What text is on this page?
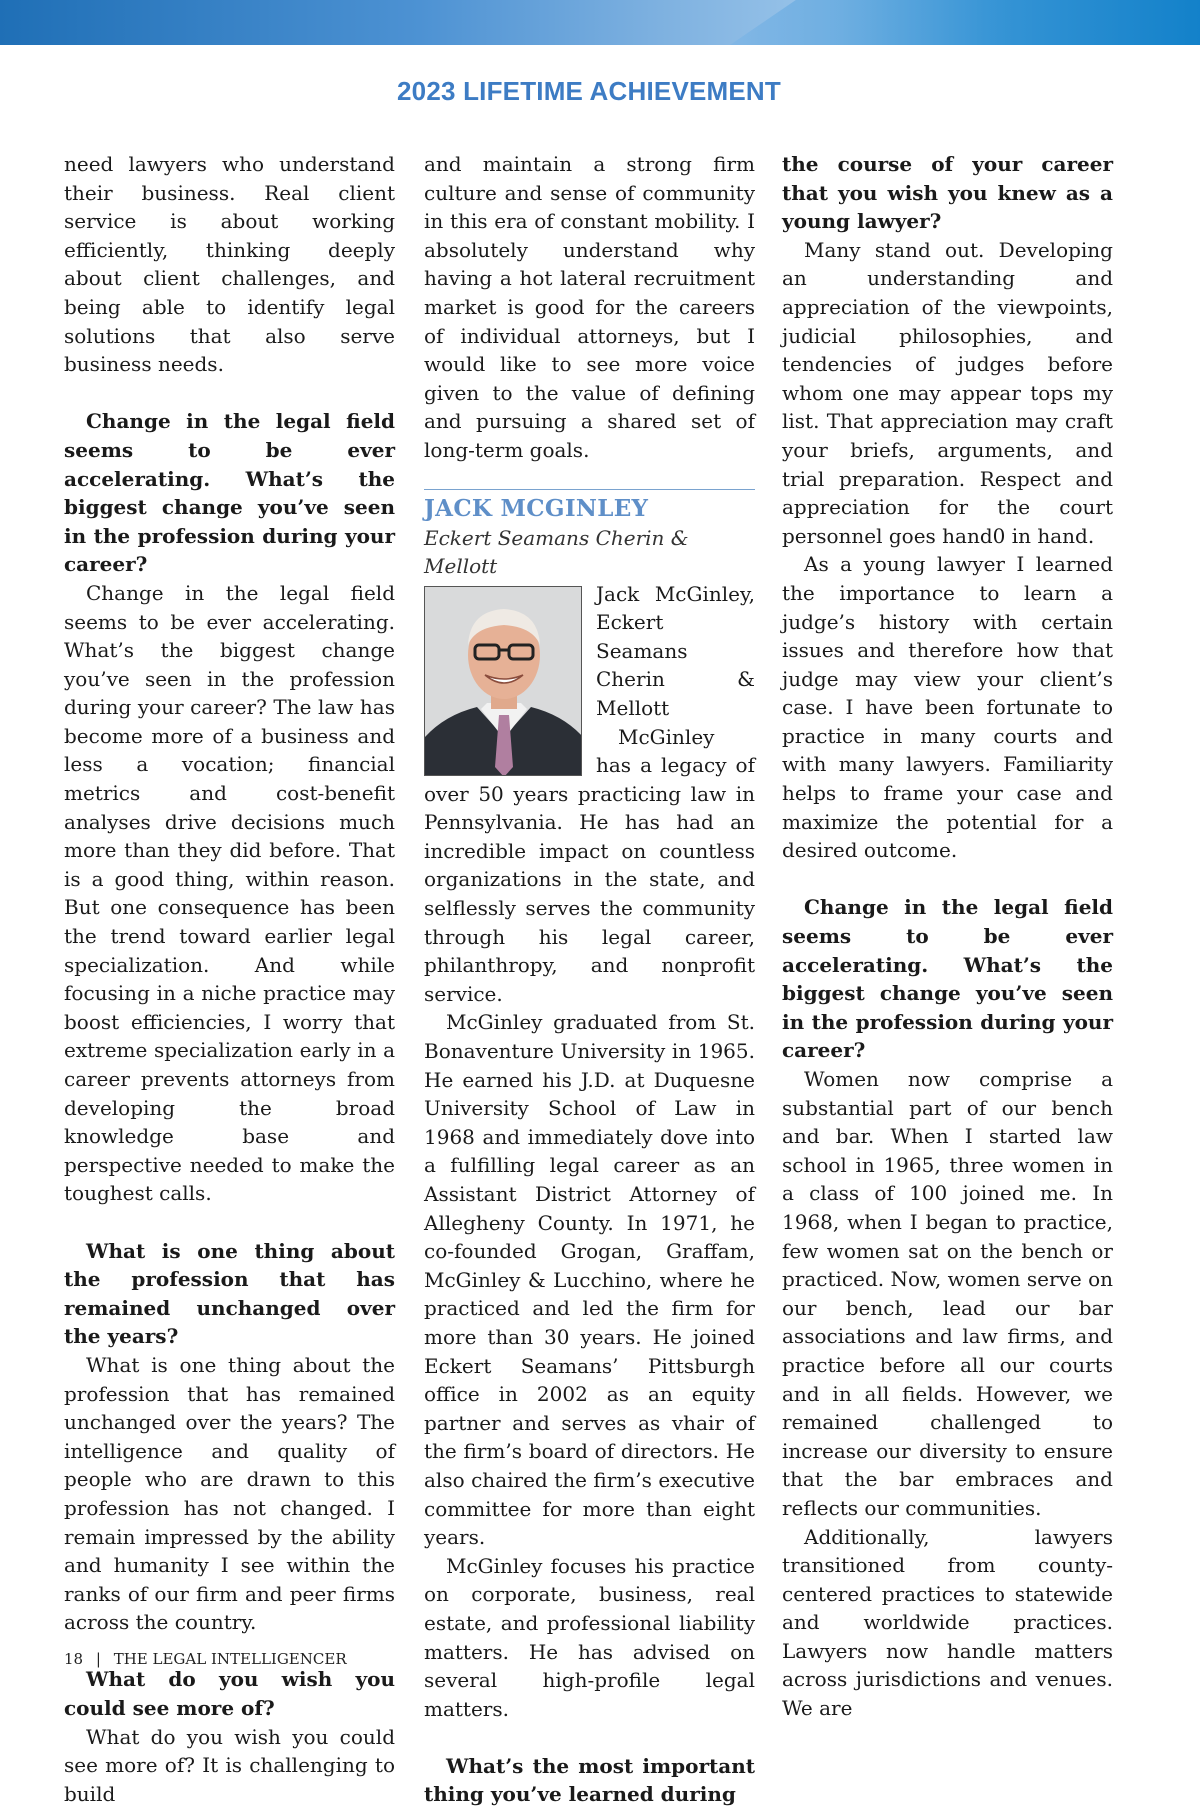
2023 LIFETIME ACHIEVEMENT

need lawyers who understand their business. Real client service is about working efficiently, thinking deeply about client challenges, and being able to identify legal solutions that also serve business needs.

Change in the legal field seems to be ever accelerating. What’s the biggest change you’ve seen in the profession during your career?

Change in the legal field seems to be ever accelerating. What’s the biggest change you’ve seen in the profession during your career? The law has become more of a business and less a vocation; financial metrics and cost-benefit analyses drive decisions much more than they did before. That is a good thing, within reason. But one consequence has been the trend toward earlier legal specialization. And while focusing in a niche practice may boost efficiencies, I worry that extreme specialization early in a career prevents attorneys from developing the broad knowledge base and perspective needed to make the toughest calls.

What is one thing about the profession that has remained unchanged over the years?

What is one thing about the profession that has remained unchanged over the years? The intelligence and quality of people who are drawn to this profession has not changed. I remain impressed by the ability and humanity I see within the ranks of our firm and peer firms across the country.

What do you wish you could see more of?

What do you wish you could see more of? It is challenging to build

and maintain a strong firm culture and sense of community in this era of constant mobility. I absolutely understand why having a hot lateral recruitment market is good for the careers of individual attorneys, but I would like to see more voice given to the value of defining and pursuing a shared set of long-term goals.

JACK MCGINLEY
Eckert Seamans Cherin & Mellott

Jack McGinley, Eckert Seamans Cherin & Mellott

McGinley has a legacy of over 50 years practicing law in Pennsylvania. He has had an incredible impact on countless organizations in the state, and selflessly serves the community through his legal career, philanthropy, and nonprofit service.

McGinley graduated from St. Bonaventure University in 1965. He earned his J.D. at Duquesne University School of Law in 1968 and immediately dove into a fulfilling legal career as an Assistant District Attorney of Allegheny County. In 1971, he co-founded Grogan, Graffam, McGinley & Lucchino, where he practiced and led the firm for more than 30 years. He joined Eckert Seamans’ Pittsburgh office in 2002 as an equity partner and serves as vhair of the firm’s board of directors. He also chaired the firm’s executive committee for more than eight years.

McGinley focuses his practice on corporate, business, real estate, and professional liability matters. He has advised on several high-profile legal matters.

What’s the most important thing you’ve learned during

the course of your career that you wish you knew as a young lawyer?

Many stand out. Developing an understanding and appreciation of the viewpoints, judicial philosophies, and tendencies of judges before whom one may appear tops my list. That appreciation may craft your briefs, arguments, and trial preparation. Respect and appreciation for the court personnel goes hand0 in hand.

As a young lawyer I learned the importance to learn a judge’s history with certain issues and therefore how that judge may view your client’s case. I have been fortunate to practice in many courts and with many lawyers. Familiarity helps to frame your case and maximize the potential for a desired outcome.

Change in the legal field seems to be ever accelerating. What’s the biggest change you’ve seen in the profession during your career?

Women now comprise a substantial part of our bench and bar. When I started law school in 1965, three women in a class of 100 joined me. In 1968, when I began to practice, few women sat on the bench or practiced. Now, women serve on our bench, lead our bar associations and law firms, and practice before all our courts and in all fields. However, we remained challenged to increase our diversity to ensure that the bar embraces and reflects our communities.

Additionally, lawyers transitioned from county-centered practices to statewide and worldwide practices. Lawyers now handle matters across jurisdictions and venues. We are

18 | THE LEGAL INTELLIGENCER
